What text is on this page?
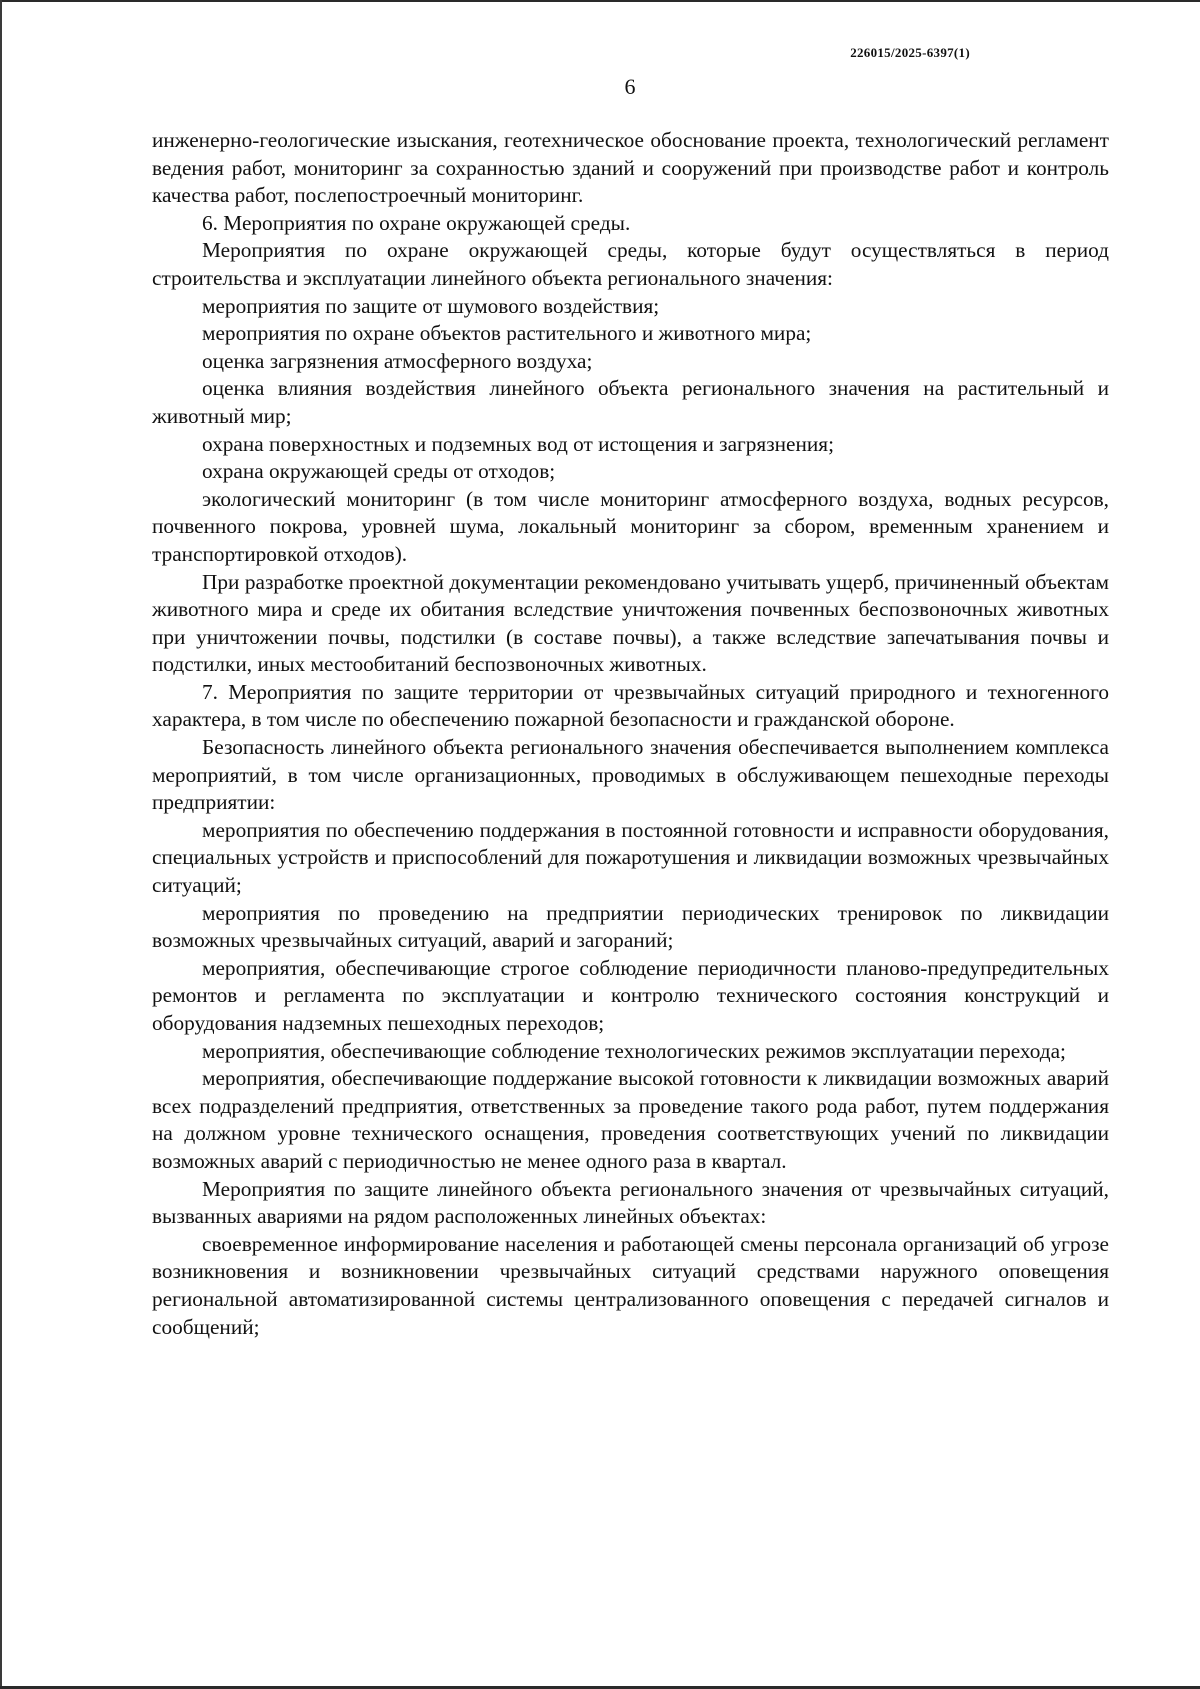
226015/2025-6397(1)
6

инженерно-геологические изыскания, геотехническое обоснование проекта, технологический регламент ведения работ, мониторинг за сохранностью зданий и сооружений при производстве работ и контроль качества работ, послепостроечный мониторинг.

6. Мероприятия по охране окружающей среды.

Мероприятия по охране окружающей среды, которые будут осуществляться в период строительства и эксплуатации линейного объекта регионального значения:

мероприятия по защите от шумового воздействия;

мероприятия по охране объектов растительного и животного мира;

оценка загрязнения атмосферного воздуха;

оценка влияния воздействия линейного объекта регионального значения на растительный и животный мир;

охрана поверхностных и подземных вод от истощения и загрязнения;

охрана окружающей среды от отходов;

экологический мониторинг (в том числе мониторинг атмосферного воздуха, водных ресурсов, почвенного покрова, уровней шума, локальный мониторинг за сбором, временным хранением и транспортировкой отходов).

При разработке проектной документации рекомендовано учитывать ущерб, причиненный объектам животного мира и среде их обитания вследствие уничтожения почвенных беспозвоночных животных при уничтожении почвы, подстилки (в составе почвы), а также вследствие запечатывания почвы и подстилки, иных местообитаний беспозвоночных животных.

7. Мероприятия по защите территории от чрезвычайных ситуаций природного и техногенного характера, в том числе по обеспечению пожарной безопасности и гражданской обороне.

Безопасность линейного объекта регионального значения обеспечивается выполнением комплекса мероприятий, в том числе организационных, проводимых в обслуживающем пешеходные переходы предприятии:

мероприятия по обеспечению поддержания в постоянной готовности и исправности оборудования, специальных устройств и приспособлений для пожаротушения и ликвидации возможных чрезвычайных ситуаций;

мероприятия по проведению на предприятии периодических тренировок по ликвидации возможных чрезвычайных ситуаций, аварий и загораний;

мероприятия, обеспечивающие строгое соблюдение периодичности планово-предупредительных ремонтов и регламента по эксплуатации и контролю технического состояния конструкций и оборудования надземных пешеходных переходов;

мероприятия, обеспечивающие соблюдение технологических режимов эксплуатации перехода;

мероприятия, обеспечивающие поддержание высокой готовности к ликвидации возможных аварий всех подразделений предприятия, ответственных за проведение такого рода работ, путем поддержания на должном уровне технического оснащения, проведения соответствующих учений по ликвидации возможных аварий с периодичностью не менее одного раза в квартал.

Мероприятия по защите линейного объекта регионального значения от чрезвычайных ситуаций, вызванных авариями на рядом расположенных линейных объектах:

своевременное информирование населения и работающей смены персонала организаций об угрозе возникновения и возникновении чрезвычайных ситуаций средствами наружного оповещения региональной автоматизированной системы централизованного оповещения с передачей сигналов и сообщений;
